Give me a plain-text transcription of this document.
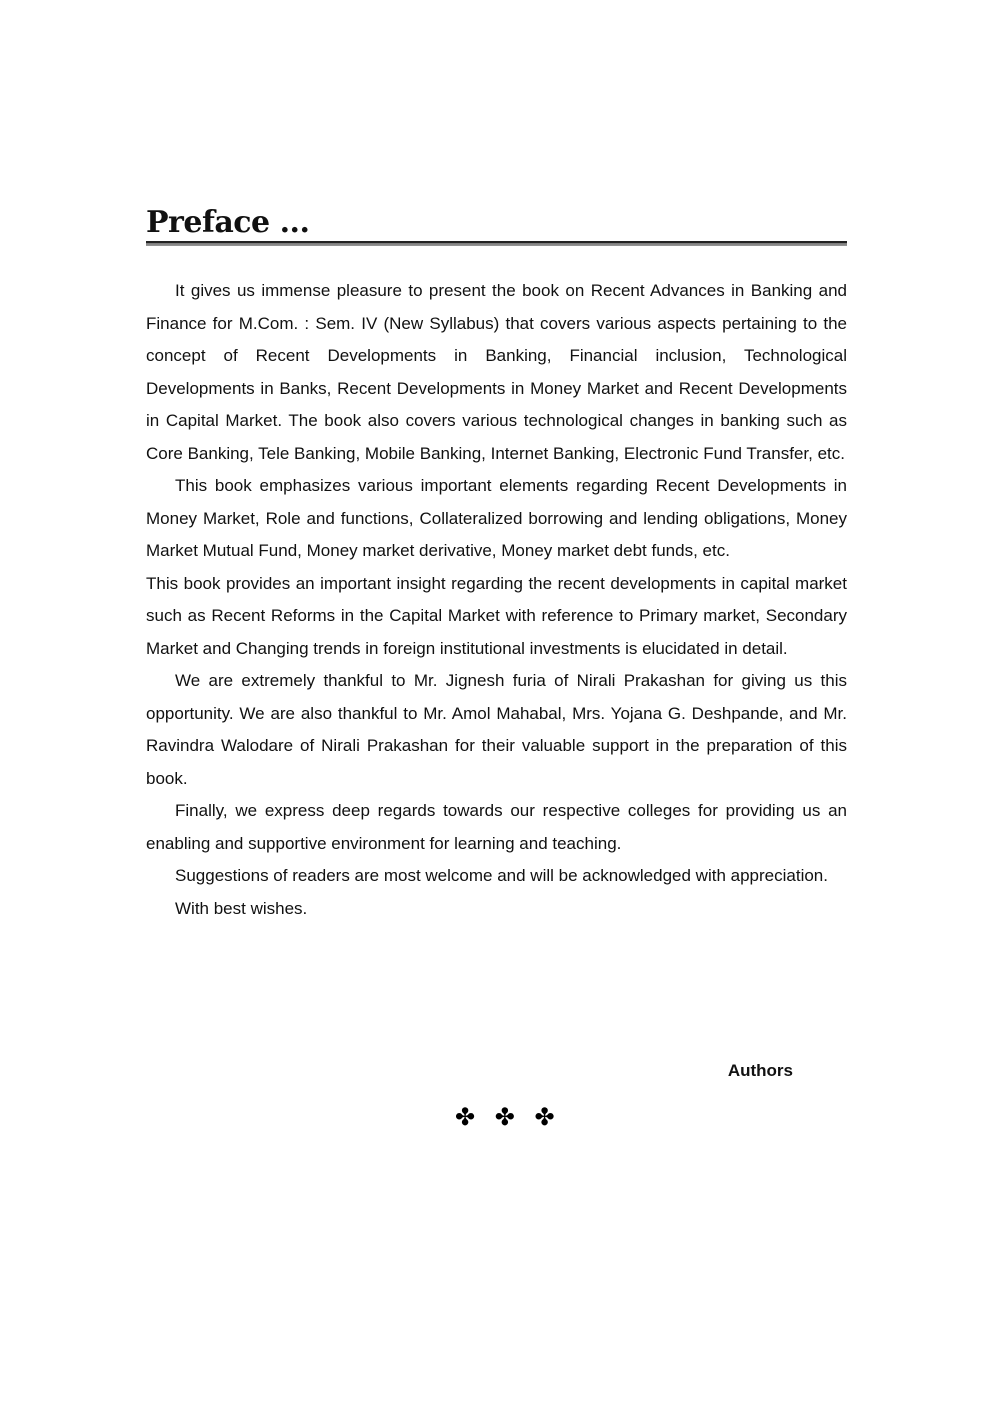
Preface ...

It gives us immense pleasure to present the book on Recent Advances in Banking and Finance for M.Com. : Sem. IV (New Syllabus) that covers various aspects pertaining to the concept of Recent Developments in Banking, Financial inclusion, Technological Developments in Banks, Recent Developments in Money Market and Recent Developments in Capital Market. The book also covers various technological changes in banking such as Core Banking, Tele Banking, Mobile Banking, Internet Banking, Electronic Fund Transfer, etc.

This book emphasizes various important elements regarding Recent Developments in Money Market, Role and functions, Collateralized borrowing and lending obligations, Money Market Mutual Fund, Money market derivative, Money market debt funds, etc.

This book provides an important insight regarding the recent developments in capital market such as Recent Reforms in the Capital Market with reference to Primary market, Secondary Market and Changing trends in foreign institutional investments is elucidated in detail.

We are extremely thankful to Mr. Jignesh furia of Nirali Prakashan for giving us this opportunity. We are also thankful to Mr. Amol Mahabal, Mrs. Yojana G. Deshpande, and Mr. Ravindra Walodare of Nirali Prakashan for their valuable support in the preparation of this book.

Finally, we express deep regards towards our respective colleges for providing us an enabling and supportive environment for learning and teaching.

Suggestions of readers are most welcome and will be acknowledged with appreciation.

With best wishes.

Authors
✤ ✤ ✤
